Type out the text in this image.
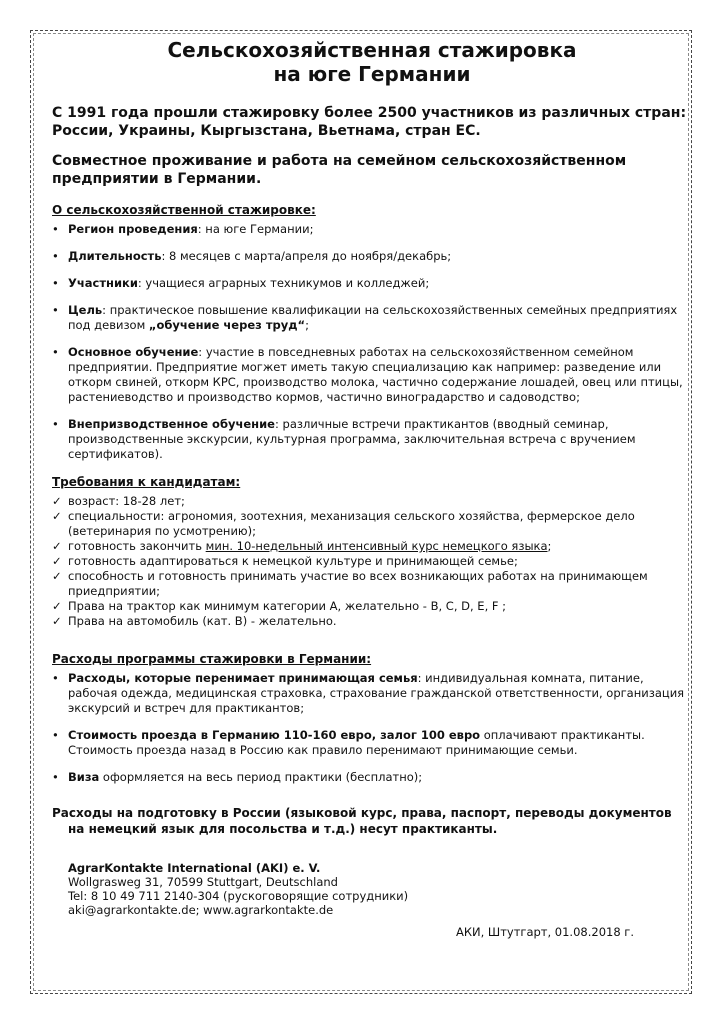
Сельскохозяйственная стажировка
на юге Германии

С 1991 года прошли стажировку более 2500 участников из различных стран: России, Украины, Кыргызстана, Вьетнама, стран ЕС.

Совместное проживание и работа на семейном сельскохозяйственном предприятии в Германии.

О сельскохозяйственной стажировке:

• Регион проведения: на юге Германии;
• Длительность: 8 месяцев с марта/апреля до ноября/декабрь;
• Участники: учащиеся аграрных техникумов и колледжей;
• Цель: практическое повышение квалификации на сельскохозяйственных семейных предприятиях под девизом „обучение через труд“;
• Основное обучение: участие в повседневных работах на сельскохозяйственном семейном предприятии. Предприятие могжет иметь такую специализацию как например: разведение или откорм свиней, откорм КРС, производство молока, частично содержание лошадей, овец или птицы, растениеводство и производство кормов, частично виноградарство и садоводство;
• Внепризводственное обучение: различные встречи практикантов (вводный семинар, производственные экскурсии, культурная программа, заключительная встреча с вручением сертификатов).

Требования к кандидатам:

✓ возраст: 18-28 лет;
✓ специальности: агрономия, зоотехния, механизация сельского хозяйства, фермерское дело (ветеринария по усмотрению);
✓ готовность закончить мин. 10-недельный интенсивный курс немецкого языка;
✓ готовность адаптироваться к немецкой культуре и принимающей семье;
✓ способность и готовность принимать участие во всех возникающих работах на принимающем приедприятии;
✓ Права на трактор как минимум категории A, желательно - B, C, D, E, F ;
✓ Права на автомобиль (кат. B) - желательно.

Расходы программы стажировки в Германии:

• Расходы, которые перенимает принимающая семья: индивидуальная комната, питание, рабочая одежда, медицинская страховка, страхование гражданской ответственности, организация экскурсий и встреч для практикантов;
• Стоимость проезда в Германию 110-160 евро, залог 100 евро оплачивают практиканты. Стоимость проезда назад в Россию как правило перенимают принимающие семьи.
• Виза оформляется на весь период практики (бесплатно);

Расходы на подготовку в России (языковой курс, права, паспорт, переводы документов
на немецкий язык для посольства и т.д.) несут практиканты.

AgrarKontakte International (AKI) e. V.

Wollgrasweg 31, 70599 Stuttgart, Deutschland

Tel: 8 10 49 711 2140-304 (рускоговорящие сотрудники)

aki@agrarkontakte.de; www.agrarkontakte.de

АКИ, Штутгарт, 01.08.2018 г.
